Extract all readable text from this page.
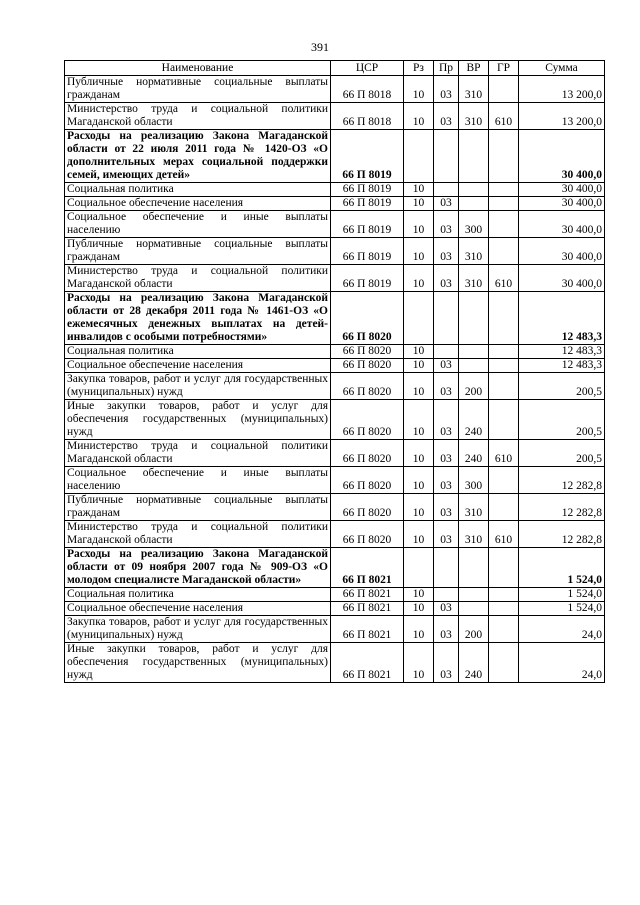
391
Наименование	ЦСР	Рз	Пр	ВР	ГР	Сумма
Публичные нормативные социальные выплаты гражданам	66 П 8018	10	03	310		13 200,0
Министерство труда и социальной политики Магаданской области	66 П 8018	10	03	310	610	13 200,0
Расходы на реализацию Закона Магаданской области от 22 июля 2011 года № 1420-ОЗ «О дополнительных мерах социальной поддержки семей, имеющих детей»	66 П 8019					30 400,0
Социальная политика	66 П 8019	10				30 400,0
Социальное обеспечение населения	66 П 8019	10	03			30 400,0
Социальное обеспечение и иные выплаты населению	66 П 8019	10	03	300		30 400,0
Публичные нормативные социальные выплаты гражданам	66 П 8019	10	03	310		30 400,0
Министерство труда и социальной политики Магаданской области	66 П 8019	10	03	310	610	30 400,0
Расходы на реализацию Закона Магаданской области от 28 декабря 2011 года № 1461-ОЗ «О ежемесячных денежных выплатах на детей-инвалидов с особыми потребностями»	66 П 8020					12 483,3
Социальная политика	66 П 8020	10				12 483,3
Социальное обеспечение населения	66 П 8020	10	03			12 483,3
Закупка товаров, работ и услуг для государственных (муниципальных) нужд	66 П 8020	10	03	200		200,5
Иные закупки товаров, работ и услуг для обеспечения государственных (муниципальных) нужд	66 П 8020	10	03	240		200,5
Министерство труда и социальной политики Магаданской области	66 П 8020	10	03	240	610	200,5
Социальное обеспечение и иные выплаты населению	66 П 8020	10	03	300		12 282,8
Публичные нормативные социальные выплаты гражданам	66 П 8020	10	03	310		12 282,8
Министерство труда и социальной политики Магаданской области	66 П 8020	10	03	310	610	12 282,8
Расходы на реализацию Закона Магаданской области от 09 ноября 2007 года № 909-ОЗ «О молодом специалисте Магаданской области»	66 П 8021					1 524,0
Социальная политика	66 П 8021	10				1 524,0
Социальное обеспечение населения	66 П 8021	10	03			1 524,0
Закупка товаров, работ и услуг для государственных (муниципальных) нужд	66 П 8021	10	03	200		24,0
Иные закупки товаров, работ и услуг для обеспечения государственных (муниципальных) нужд	66 П 8021	10	03	240		24,0
